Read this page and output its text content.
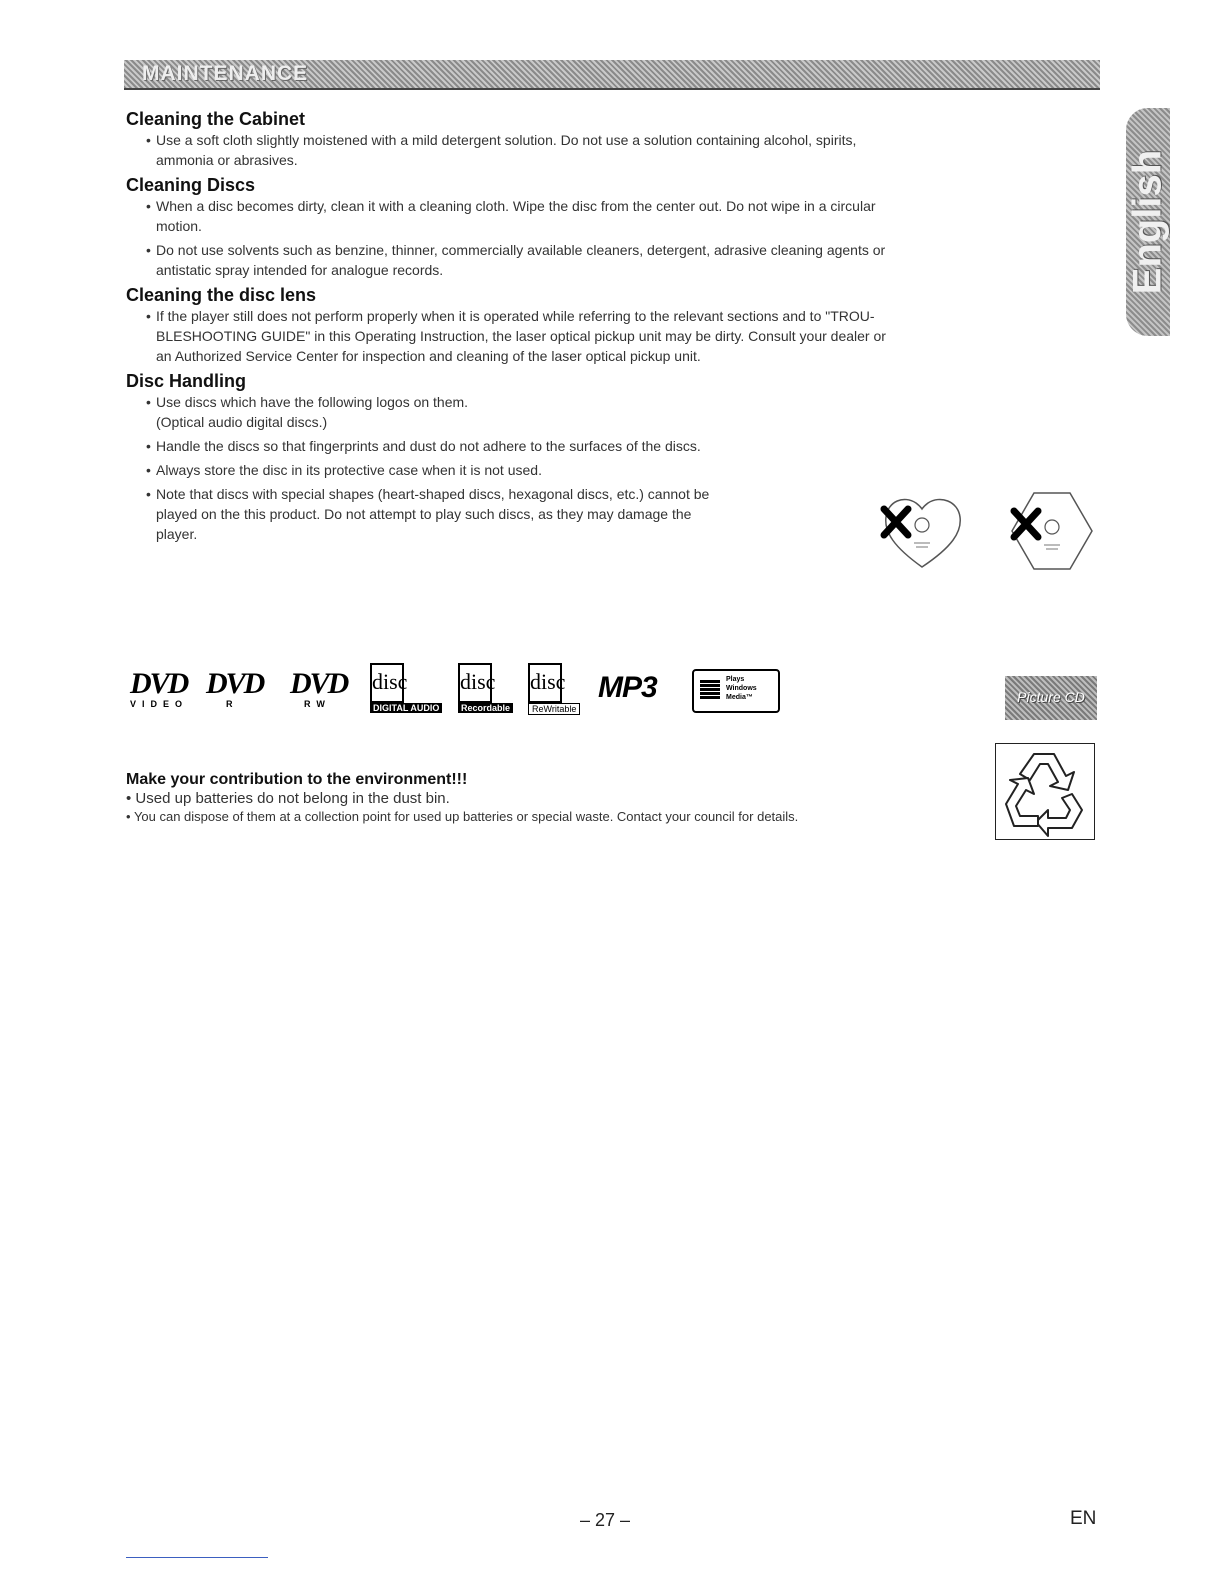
MAINTENANCE
English
Cleaning the Cabinet
• Use a soft cloth slightly moistened with a mild detergent solution. Do not use a solution containing alcohol, spirits,
ammonia or abrasives.
Cleaning Discs
• When a disc becomes dirty, clean it with a cleaning cloth. Wipe the disc from the center out. Do not wipe in a circular
motion.
• Do not use solvents such as benzine, thinner, commercially available cleaners, detergent, adrasive cleaning agents or
antistatic spray intended for analogue records.
Cleaning the disc lens
• If the player still does not perform properly when it is operated while referring to the relevant sections and to "TROU-
BLESHOOTING GUIDE" in this Operating Instruction, the laser optical pickup unit may be dirty. Consult your dealer or
an Authorized Service Center for inspection and cleaning of the laser optical pickup unit.
Disc Handling
• Use discs which have the following logos on them.
(Optical audio digital discs.)
• Handle the discs so that fingerprints and dust do not adhere to the surfaces of the discs.
• Always store the disc in its protective case when it is not used.
• Note that discs with special shapes (heart-shaped discs, hexagonal discs, etc.) cannot be
played on the this product. Do not attempt to play such discs, as they may damage the
player.
DVD
VIDEO
DVD
R
DVD
RW
disc
DIGITAL AUDIO
disc
Recordable
disc
ReWritable
MP3	Plays
Windows
Media™	Picture CD
Make your contribution to the environment!!!
• Used up batteries do not belong in the dust bin.
• You can dispose of them at a collection point for used up batteries or special waste. Contact your council for details.
– 27 –	EN
